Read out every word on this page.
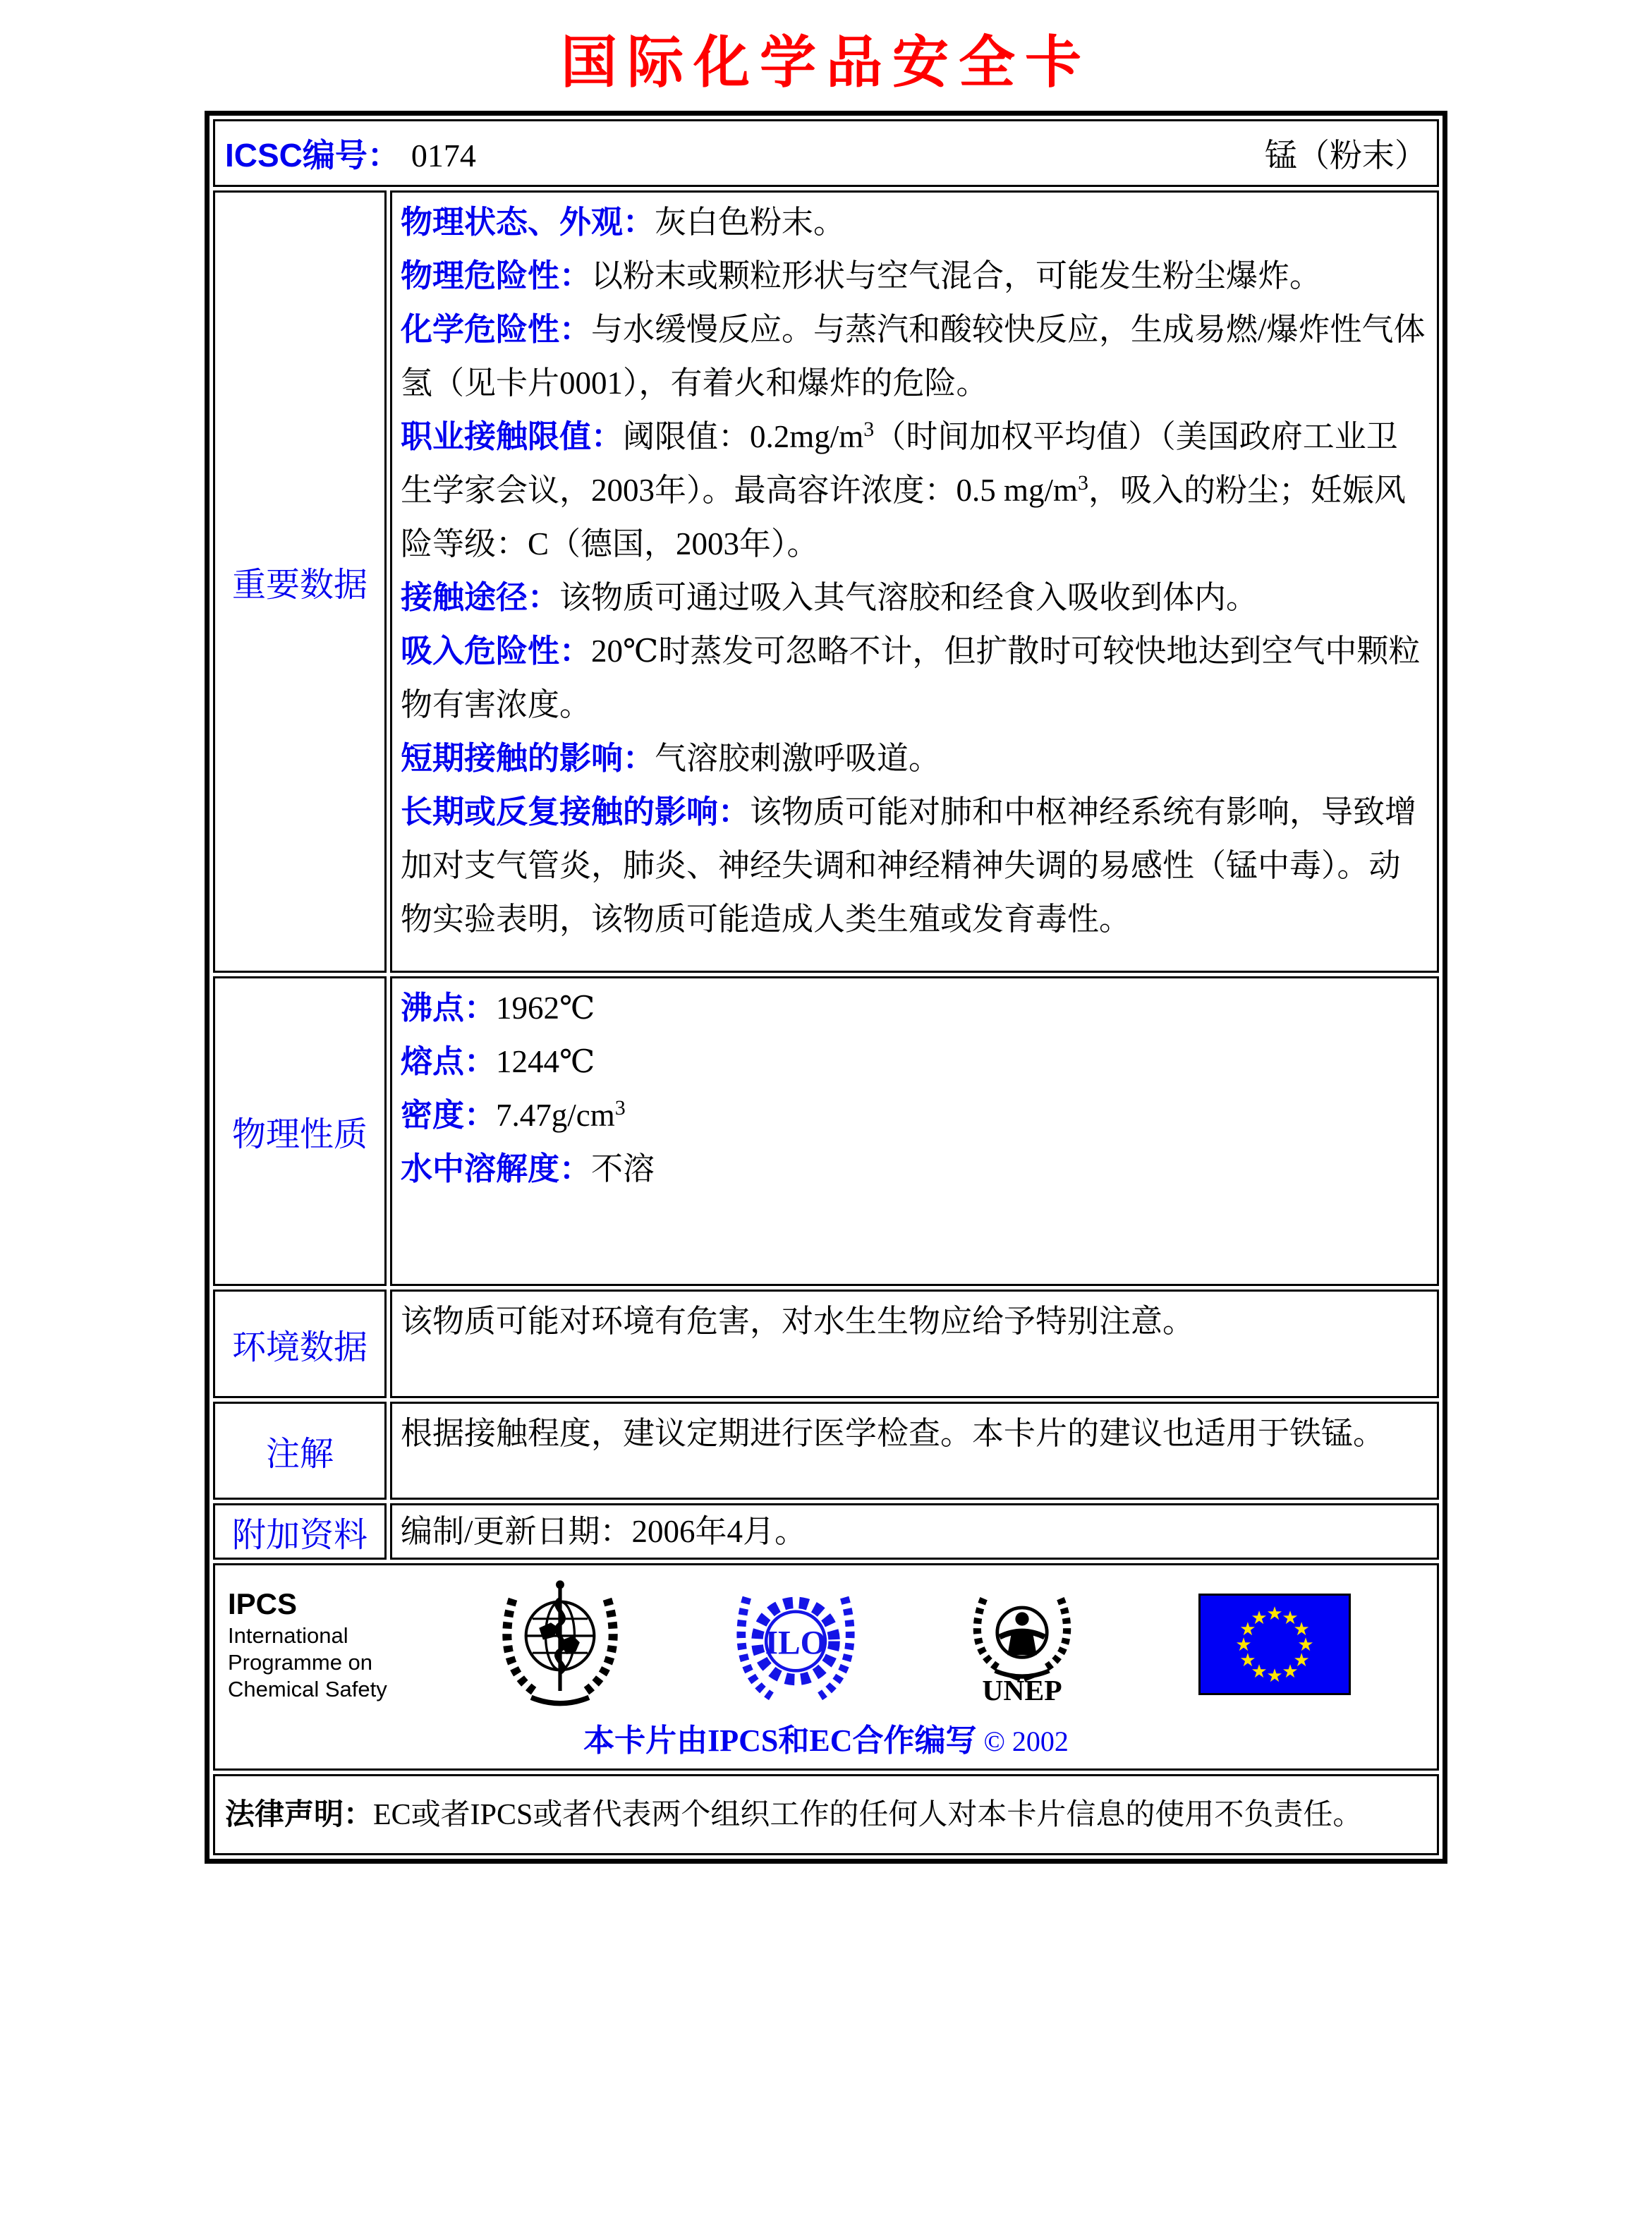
国际化学品安全卡
ICSC编号： 0174 锰（粉末）	

重要数据	
物理状态、外观：灰白色粉末。
物理危险性：以粉末或颗粒形状与空气混合，可能发生粉尘爆炸。
化学危险性：与水缓慢反应。与蒸汽和酸较快反应，生成易燃/爆炸性气体氢（见卡片0001），有着火和爆炸的危险。
职业接触限值：阈限值：$0.2mg/m^3$（时间加权平均值）（美国政府工业卫生学家会议，2003年）。最高容许浓度：0.5 $mg/m^3$，吸入的粉尘；妊娠风险等级：C（德国，2003年）。
接触途径：该物质可通过吸入其气溶胶和经食入吸收到体内。
吸入危险性：20℃时蒸发可忽略不计，但扩散时可较快地达到空气中颗粒物有害浓度。
短期接触的影响：气溶胶刺激呼吸道。
长期或反复接触的影响：该物质可能对肺和中枢神经系统有影响，导致增加对支气管炎，肺炎、神经失调和神经精神失调的易感性（锰中毒）。动物实验表明，该物质可能造成人类生殖或发育毒性。

物理性质	沸点：1962℃
熔点：1244℃
密度：$7.47g/cm^3$
水中溶解度：不溶

环境数据	该物质可能对环境有危害，对水生生物应给予特别注意。

注解	根据接触程度，建议定期进行医学检查。本卡片的建议也适用于铁锰。

附加资料	编制/更新日期：2006年4月。

IPCS
International
Programme on
Chemical Safety
ILO
UNEP
★
★
★
★
★
★
★
★
★
★
★
★
本卡片由IPCS和EC合作编写 © 2002

法律声明：EC或者IPCS或者代表两个组织工作的任何人对本卡片信息的使用不负责任。	
